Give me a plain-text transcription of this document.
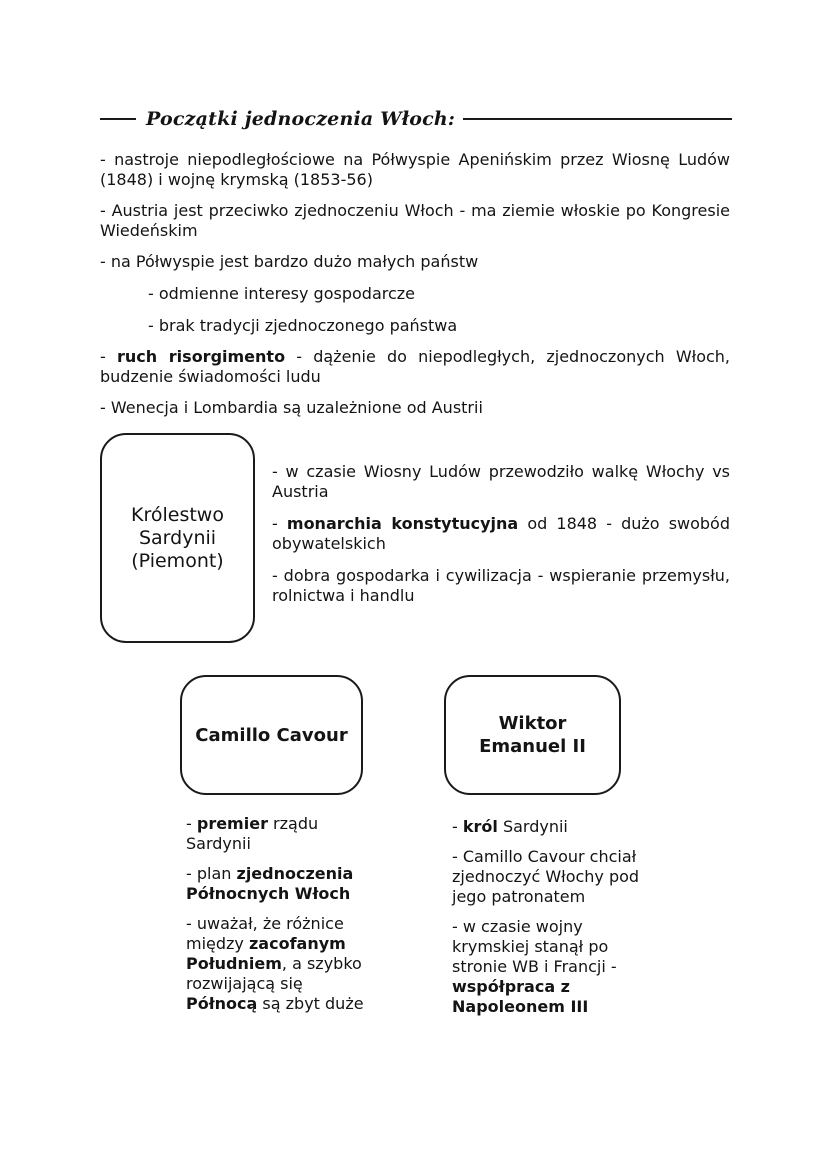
Początki jednoczenia Włoch:

- nastroje niepodległościowe na Półwyspie Apenińskim przez Wiosnę Ludów (1848) i wojnę krymską (1853-56)

- Austria jest przeciwko zjednoczeniu Włoch - ma ziemie włoskie po Kongresie Wiedeńskim

- na Półwyspie jest bardzo dużo małych państw

- odmienne interesy gospodarcze

- brak tradycji zjednoczonego państwa

- ruch risorgimento - dążenie do niepodległych, zjednoczonych Włoch, budzenie świadomości ludu

- Wenecja i Lombardia są uzależnione od Austrii

Królestwo
Sardynii
(Piemont)

- w czasie Wiosny Ludów przewodziło walkę Włochy vs Austria

- monarchia konstytucyjna od 1848 - dużo swobód obywatelskich

- dobra gospodarka i cywilizacja - wspieranie przemysłu, rolnictwa i handlu

Camillo Cavour

- premier rządu Sardynii

- plan zjednoczenia Północnych Włoch

- uważał, że różnice między zacofanym Południem, a szybko rozwijającą się Północą są zbyt duże

Wiktor
Emanuel II

- król Sardynii

- Camillo Cavour chciał zjednoczyć Włochy pod jego patronatem

- w czasie wojny krymskiej stanął po stronie WB i Francji - współpraca z Napoleonem III
